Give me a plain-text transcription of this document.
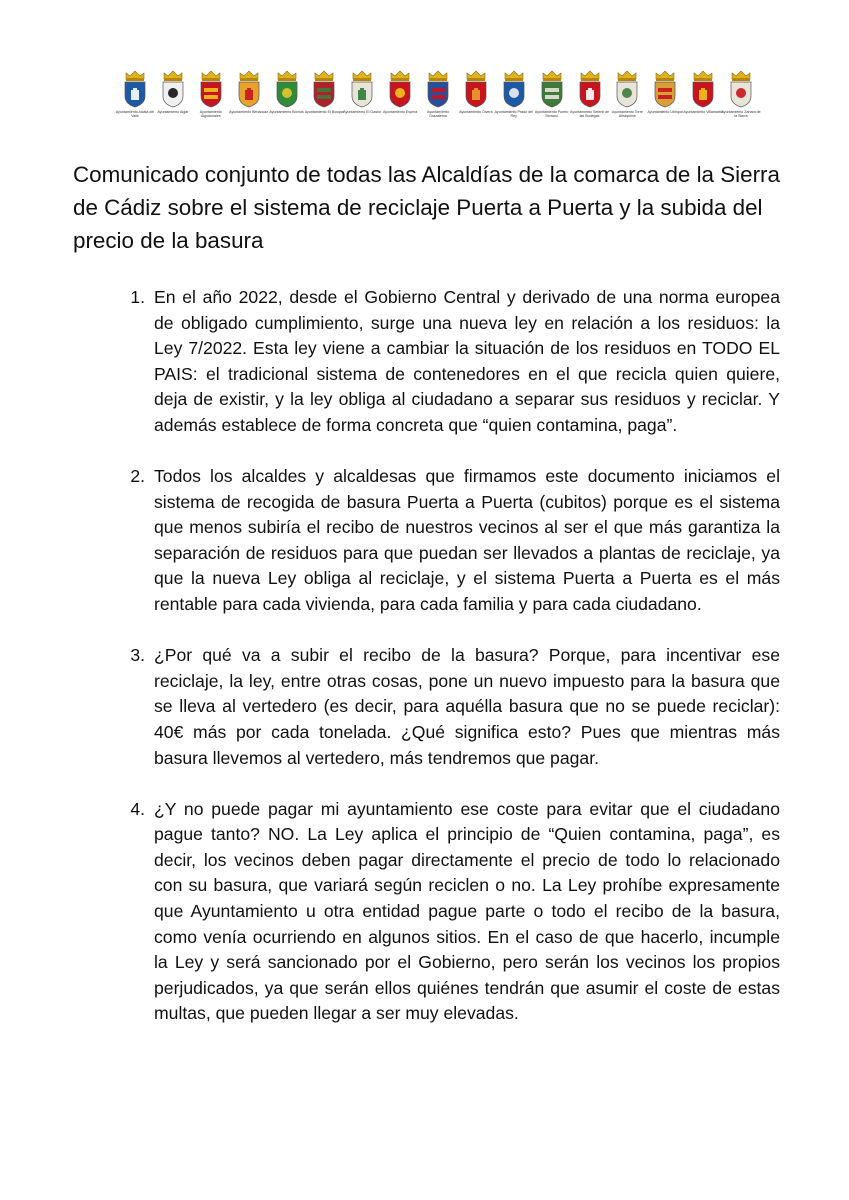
Ayuntamiento Alcalá del Valle
Ayuntamiento Algar	Ayuntamiento Algodonales
Ayuntamiento Benaocaz Ayuntamiento Bornos Ayuntamiento El Bosque Ayuntamiento El Gastor Ayuntamiento Espera	Ayuntamiento Grazalema
Ayuntamiento Olvera Ayuntamiento Prado del Rey
Ayuntamiento Puerto Serrano
Ayuntamiento Setenil de las Bodegas
Ayuntamiento Torre Alháquime
Ayuntamiento Ubrique Ayuntamiento Villamartín
Ayuntamiento Zahara de la Sierra
Comunicado conjunto de todas las Alcaldías de la comarca de la Sierra de Cádiz sobre el sistema de reciclaje Puerta a Puerta y la subida del precio de la basura
1. En el año 2022, desde el Gobierno Central y derivado de una norma europea de obligado cumplimiento, surge una nueva ley en relación a los residuos: la Ley 7/2022. Esta ley viene a cambiar la situación de los residuos en TODO EL PAIS: el tradicional sistema de contenedores en el que recicla quien quiere, deja de existir, y la ley obliga al ciudadano a separar sus residuos y reciclar. Y además establece de forma concreta que “quien contamina, paga”.

2. Todos los alcaldes y alcaldesas que firmamos este documento iniciamos el sistema de recogida de basura Puerta a Puerta (cubitos) porque es el sistema que menos subiría el recibo de nuestros vecinos al ser el que más garantiza la separación de residuos para que puedan ser llevados a plantas de reciclaje, ya que la nueva Ley obliga al reciclaje, y el sistema Puerta a Puerta es el más rentable para cada vivienda, para cada familia y para cada ciudadano.

3. ¿Por qué va a subir el recibo de la basura? Porque, para incentivar ese reciclaje, la ley, entre otras cosas, pone un nuevo impuesto para la basura que se lleva al vertedero (es decir, para aquélla basura que no se puede reciclar): 40€ más por cada tonelada. ¿Qué significa esto? Pues que mientras más basura llevemos al vertedero, más tendremos que pagar.

4. ¿Y no puede pagar mi ayuntamiento ese coste para evitar que el ciudadano pague tanto? NO. La Ley aplica el principio de “Quien contamina, paga”, es decir, los vecinos deben pagar directamente el precio de todo lo relacionado con su basura, que variará según reciclen o no. La Ley prohíbe expresamente que Ayuntamiento u otra entidad pague parte o todo el recibo de la basura, como venía ocurriendo en algunos sitios. En el caso de que hacerlo, incumple la Ley y será sancionado por el Gobierno, pero serán los vecinos los propios perjudicados, ya que serán ellos quiénes tendrán que asumir el coste de estas multas, que pueden llegar a ser muy elevadas.
